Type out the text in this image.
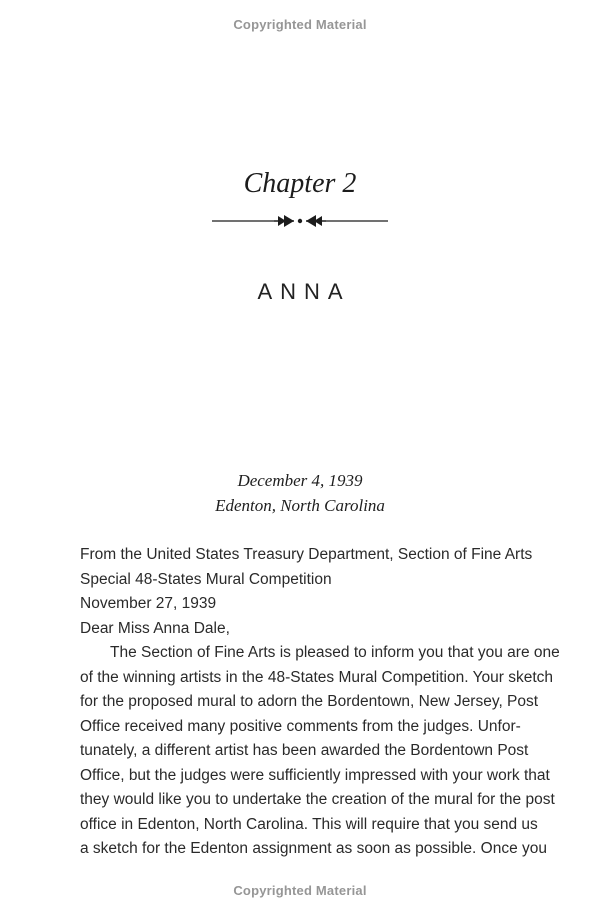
Copyrighted Material
Chapter 2
ANNA
December 4, 1939
Edenton, North Carolina
From the United States Treasury Department, Section of Fine Arts
Special 48-States Mural Competition
November 27, 1939
Dear Miss Anna Dale,
The Section of Fine Arts is pleased to inform you that you are one
of the winning artists in the 48-States Mural Competition. Your sketch
for the proposed mural to adorn the Bordentown, New Jersey, Post
Office received many positive comments from the judges. Unfor-
tunately, a different artist has been awarded the Bordentown Post
Office, but the judges were sufficiently impressed with your work that
they would like you to undertake the creation of the mural for the post
office in Edenton, North Carolina. This will require that you send us
a sketch for the Edenton assignment as soon as possible. Once you
Copyrighted Material
